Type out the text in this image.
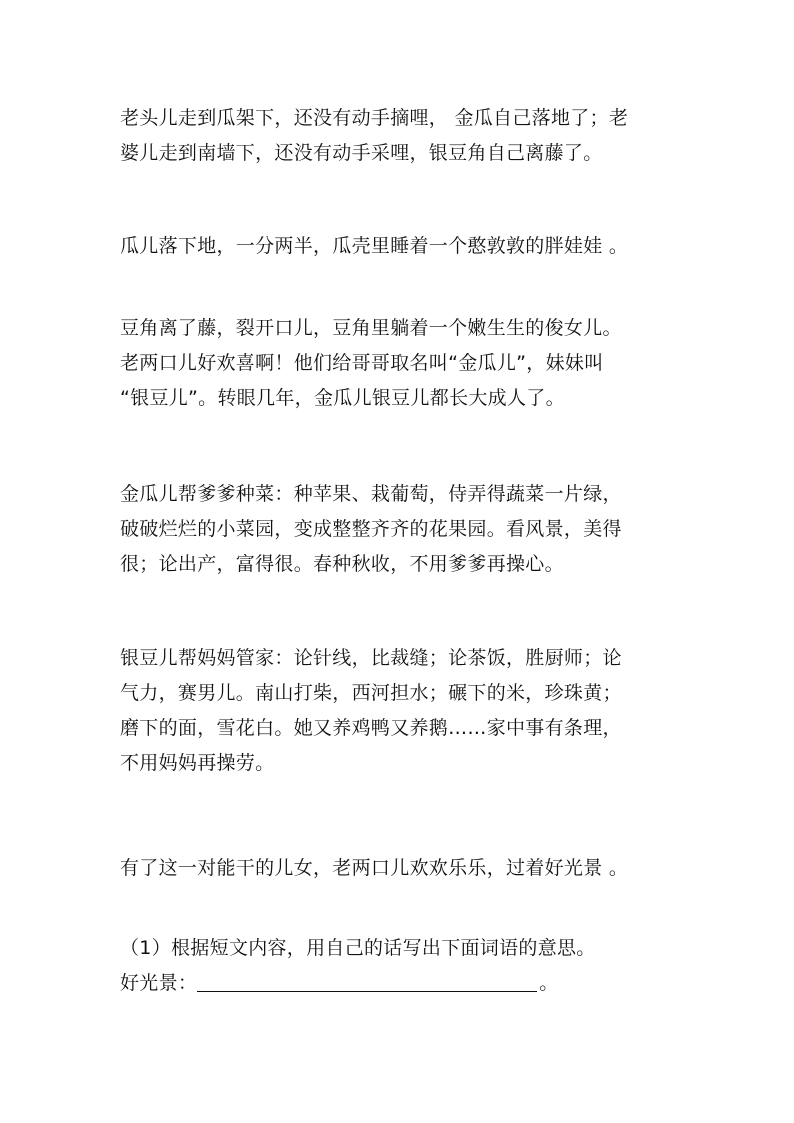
老头儿走到瓜架下，还没有动手摘哩， 金瓜自己落地了；老
婆儿走到南墙下，还没有动手采哩，银豆角自己离藤了。
瓜儿落下地，一分两半，瓜壳里睡着一个憨敦敦的胖娃娃 。
豆角离了藤，裂开口儿，豆角里躺着一个嫩生生的俊女儿。
老两口儿好欢喜啊！他们给哥哥取名叫“金瓜儿”，妹妹叫
“银豆儿”。转眼几年，金瓜儿银豆儿都长大成人了。
金瓜儿帮爹爹种菜：种苹果、栽葡萄，侍弄得蔬菜一片绿，
破破烂烂的小菜园，变成整整齐齐的花果园。看风景，美得
很；论出产，富得很。春种秋收，不用爹爹再操心。
银豆儿帮妈妈管家：论针线，比裁缝；论茶饭，胜厨师；论
气力，赛男儿。南山打柴，西河担水；碾下的米，珍珠黄；
磨下的面，雪花白。她又养鸡鸭又养鹅……家中事有条理，
不用妈妈再操劳。
有了这一对能干的儿女，老两口儿欢欢乐乐，过着好光景 。
（1）根据短文内容，用自己的话写出下面词语的意思。
好光景：	。
